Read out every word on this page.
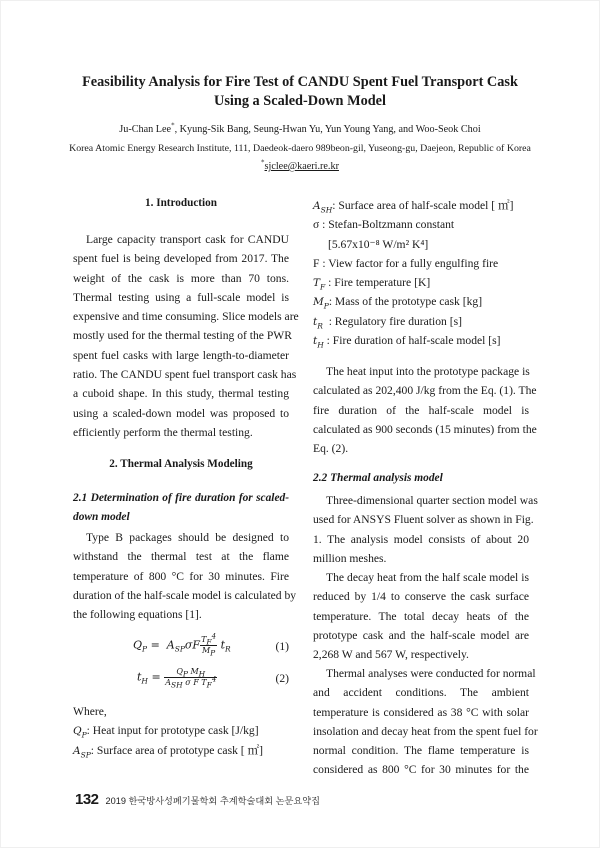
Feasibility Analysis for Fire Test of CANDU Spent Fuel Transport Cask
Using a Scaled-Down Model
Ju-Chan Lee*, Kyung-Sik Bang, Seung-Hwan Yu, Yun Young Yang, and Woo-Seok Choi
Korea Atomic Energy Research Institute, 111, Daedeok-daero 989beon-gil, Yuseong-gu, Daejeon, Republic of Korea
*sjclee@kaeri.re.kr
1. Introduction
Large capacity transport cask for CANDU
spent fuel is being developed from 2017. The
weight of the cask is more than 70 tons.
Thermal testing using a full-scale model is
expensive and time consuming. Slice models are
mostly used for the thermal testing of the PWR
spent fuel casks with large length-to-diameter
ratio. The CANDU spent fuel transport cask has
a cuboid shape. In this study, thermal testing
using a scaled-down model was proposed to
efficiently perform the thermal testing.
2. Thermal Analysis Modeling
2.1 Determination of fire duration for scaled-
down model
Type B packages should be designed to
withstand the thermal test at the flame
temperature of 800 °C for 30 minutes. Fire
duration of the half-scale model is calculated by
the following equations [1].
$Q_P = A_{SP}\sigma F \frac{TF4}{MP} t_R$	(1)
$t_H = \frac{\text{QP MH}}{\text{ASH σ F TF4}}$	(2)
Where,
$Q_P$: Heat input for prototype cask [J/kg]
$A_{SP}$: Surface area of prototype cask [ ㎡]
$A_{SH}$: Surface area of half-scale model [ ㎡]
σ : Stefan-Boltzmann constant
[5.67x10⁻⁸ W/m² K⁴]
F : View factor for a fully engulfing fire
$T_F$ : Fire temperature [K]
$M_P$: Mass of the prototype cask [kg]
$t_R$  : Regulatory fire duration [s]
$t_H$ : Fire duration of half-scale model [s]
The heat input into the prototype package is
calculated as 202,400 J/kg from the Eq. (1). The
fire duration of the half-scale model is
calculated as 900 seconds (15 minutes) from the
Eq. (2).
2.2 Thermal analysis model
Three-dimensional quarter section model was
used for ANSYS Fluent solver as shown in Fig.
1. The analysis model consists of about 20
million meshes.
The decay heat from the half scale model is
reduced by 1/4 to conserve the cask surface
temperature. The total decay heats of the
prototype cask and the half-scale model are
2,268 W and 567 W, respectively.
Thermal analyses were conducted for normal
and accident conditions. The ambient
temperature is considered as 38 °C with solar
insolation and decay heat from the spent fuel for
normal condition. The flame temperature is
considered as 800 °C for 30 minutes for the
132 2019 한국방사성폐기물학회 추계학술대회 논문요약집
